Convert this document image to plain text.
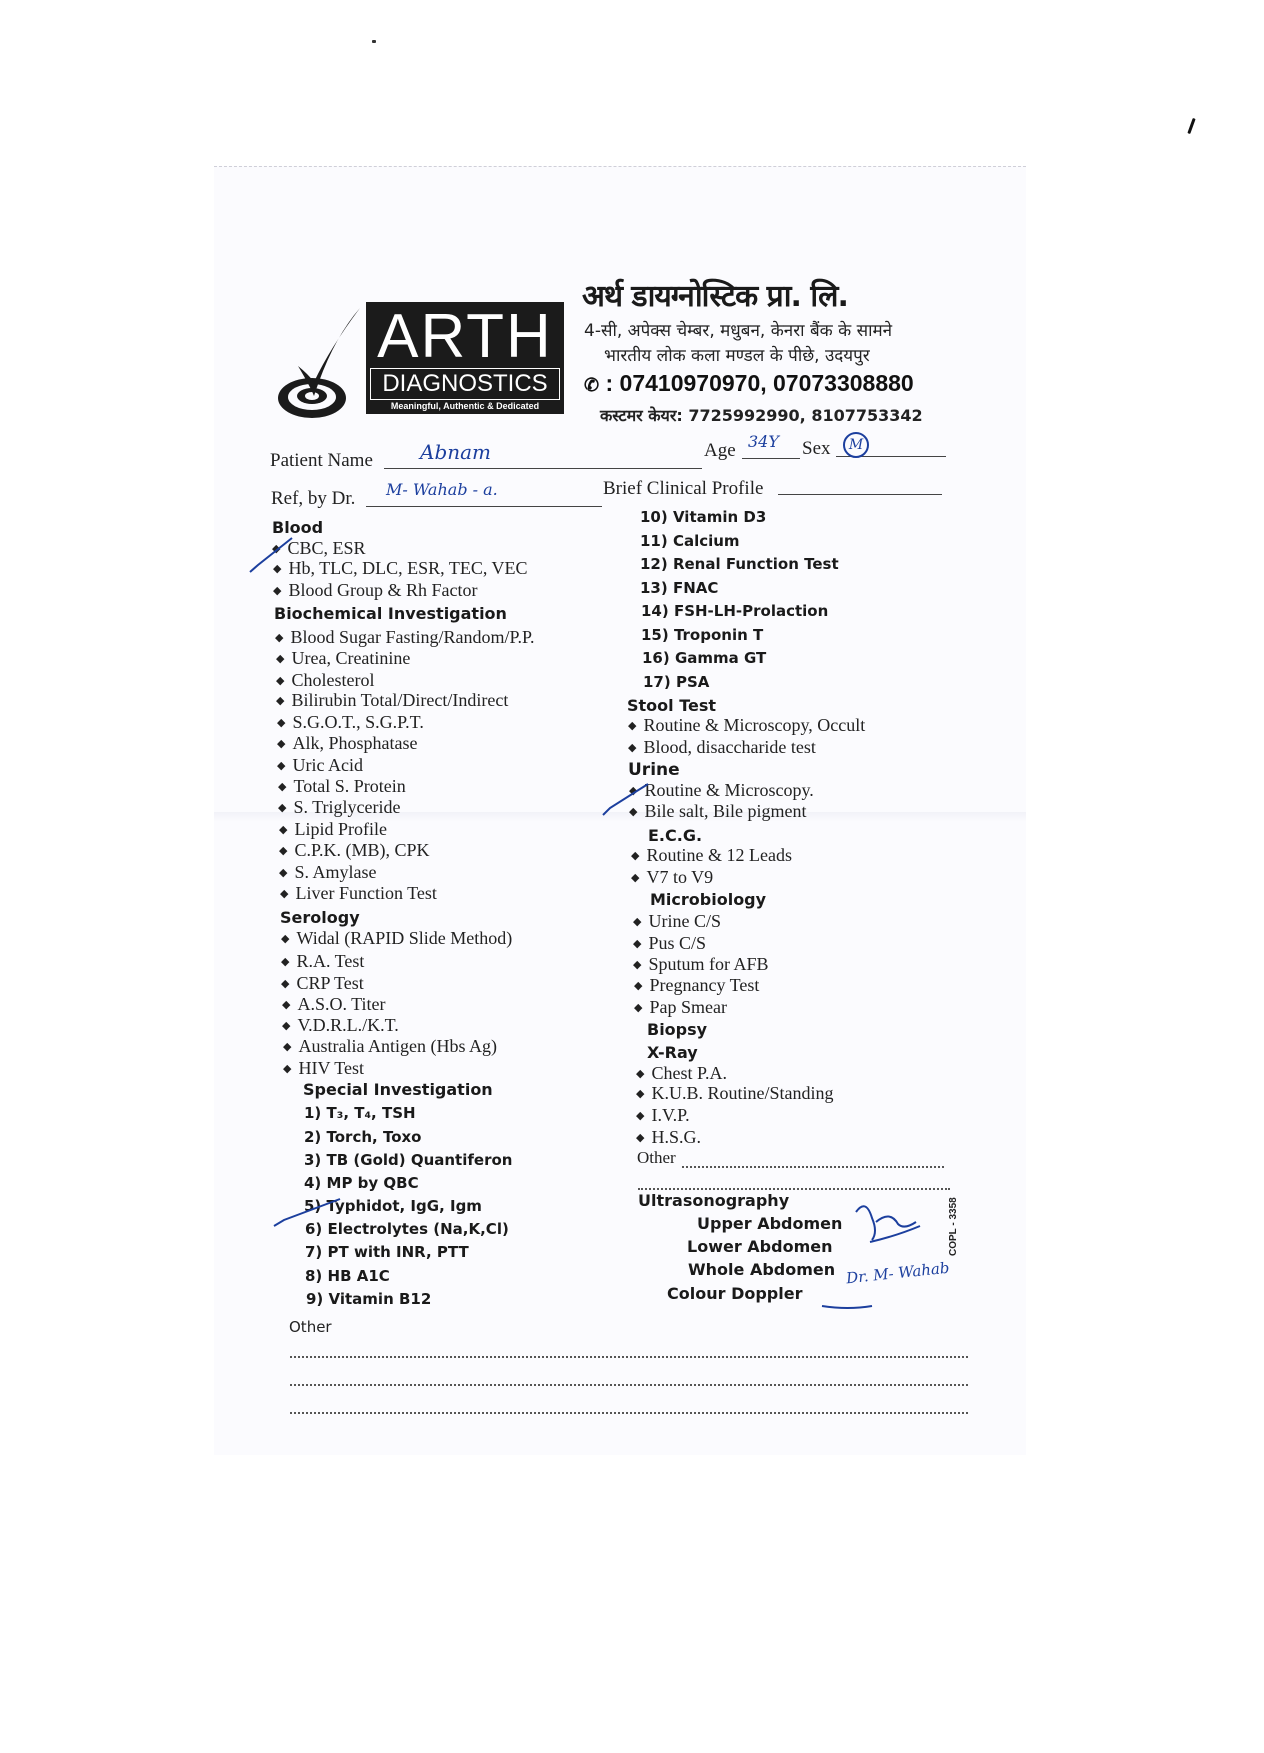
ARTH
DIAGNOSTICS
Meaningful, Authentic & Dedicated
अर्थ डायग्नोस्टिक प्रा. लि.
4-सी, अपेक्स चेम्बर, मधुबन, केनरा बैंक के सामने
भारतीय लोक कला मण्डल के पीछे, उदयपुर
✆ : 07410970970, 07073308880
कस्टमर केयर: 7725992990, 8107753342
Patient Name Abnam	Age 34Y Sex	M
Ref, by Dr. M- Wahab - a.	Brief Clinical Profile
Blood
◆ CBC, ESR
◆ Hb, TLC, DLC, ESR, TEC, VEC
◆ Blood Group & Rh Factor
Biochemical Investigation
◆ Blood Sugar Fasting/Random/P.P.
◆ Urea, Creatinine
◆ Cholesterol
◆ Bilirubin Total/Direct/Indirect
◆ S.G.O.T., S.G.P.T.
◆ Alk, Phosphatase
◆ Uric Acid
◆ Total S. Protein
◆ S. Triglyceride
◆ Lipid Profile
◆ C.P.K. (MB), CPK
◆ S. Amylase
◆ Liver Function Test
Serology
◆ Widal (RAPID Slide Method)
◆ R.A. Test
◆ CRP Test
◆ A.S.O. Titer
◆ V.D.R.L./K.T.
◆ Australia Antigen (Hbs Ag)
◆ HIV Test
Special Investigation
1) T₃, T₄, TSH
2) Torch, Toxo
3) TB (Gold) Quantiferon
4) MP by QBC
5) Typhidot, IgG, Igm
6) Electrolytes (Na,K,Cl)
7) PT with INR, PTT
8) HB A1C
9) Vitamin B12
Other
10) Vitamin D3
11) Calcium
12) Renal Function Test
13) FNAC
14) FSH-LH-Prolaction
15) Troponin T
16) Gamma GT
17) PSA
Stool Test
◆ Routine & Microscopy, Occult
◆ Blood, disaccharide test
Urine
◆ Routine & Microscopy.
◆ Bile salt, Bile pigment
E.C.G.
◆ Routine & 12 Leads
◆ V7 to V9
Microbiology
◆ Urine C/S
◆ Pus C/S
◆ Sputum for AFB
◆ Pregnancy Test
◆ Pap Smear
Biopsy
X-Ray
◆ Chest P.A.
◆ K.U.B. Routine/Standing
◆ I.V.P.
◆ H.S.G.
Other
Ultrasonography
Upper Abdomen
Lower Abdomen
Whole Abdomen
Colour Doppler
Dr. M- Wahab
COPL - 3358
